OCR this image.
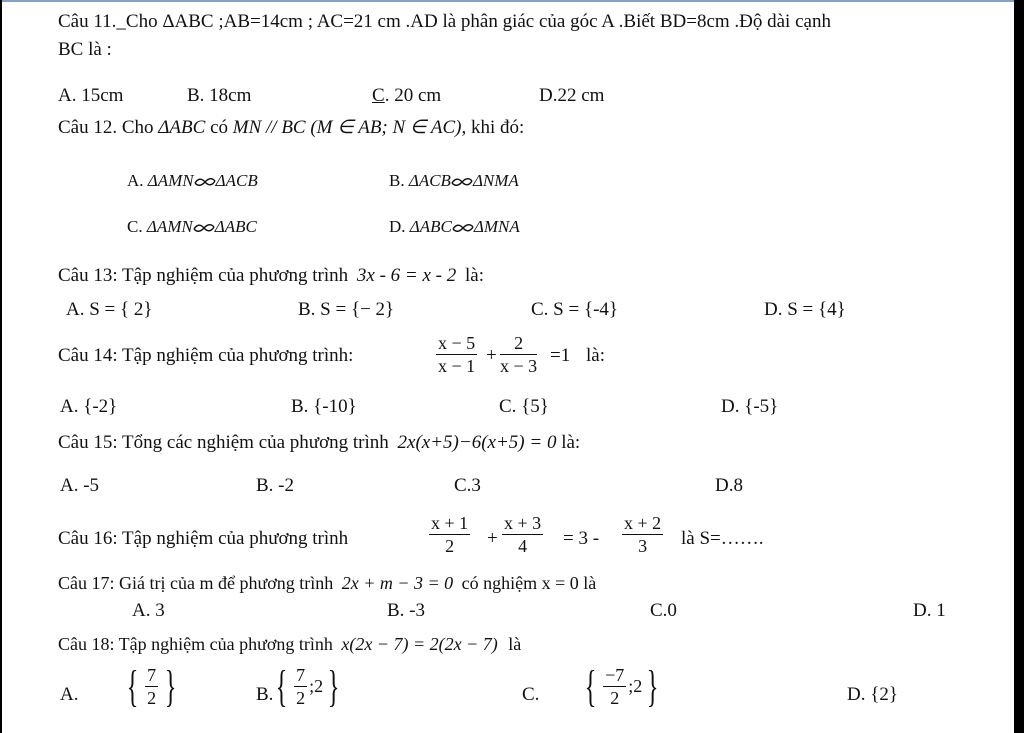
Câu 11._Cho ΔABC ;AB=14cm ; AC=21 cm .AD là phân giác của góc A .Biết BD=8cm .Độ dài cạnh
BC là :
A. 15cm	B. 18cm	C. 20 cm	D.22 cm
Câu 12. Cho ΔABC có MN // BC (M ∈ AB; N ∈ AC), khi đó:
A. ΔAMN ΔACB	B. ΔACB ΔNMA
C. ΔAMN ΔABC	D. ΔABC ΔMNA
Câu 13: Tập nghiệm của phương trình 3x - 6 = x - 2 là:
A. S = { 2}	B. S = {− 2}	C. S = {-4}	D. S = {4}
Câu 14: Tập nghiệm của phương trình:	$\frac{x - 5}{x - 1} + \frac{2}{x - 3} =1$ là:
A. {-2}	B. {-10}	C. {5}	D. {-5}
Câu 15: Tổng các nghiệm của phương trình 2x(x+5)−6(x+5) = 0 là:
A. -5	B. -2	C.3	D.8
Câu 16: Tập nghiệm của phương trình	$\frac{x + 1}{2} + \frac{x + 3}{4} = 3 - \frac{x + 2}{3}$ là S=…….
Câu 17: Giá trị của m để phương trình 2x + m − 3 = 0 có nghiệm x = 0 là
A. 3	B. -3	C.0	D. 1
Câu 18: Tập nghiệm của phương trình x(2x − 7) = 2(2x − 7) là
A. { $\frac{7}{2}$ }	B. { $\frac{7}{2}$ ;2 }	C. { $\frac{-7}{2}$ ;2 }	D. {2}
